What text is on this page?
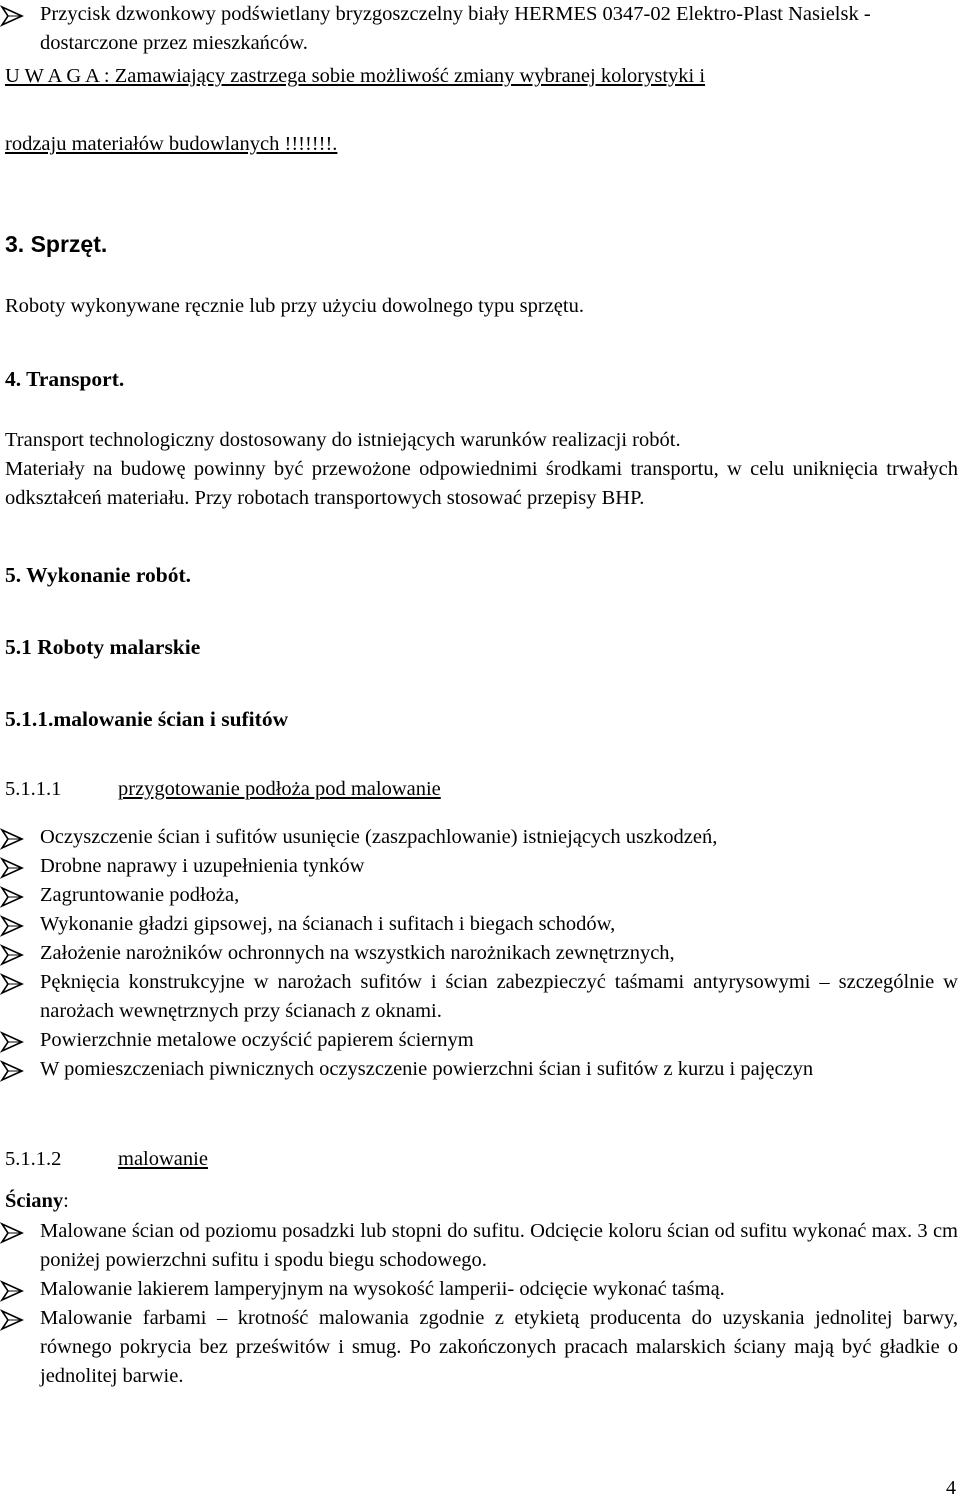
Przycisk dzwonkowy podświetlany bryzgoszczelny biały HERMES 0347-02 Elektro-Plast Nasielsk - dostarczone przez mieszkańców.

U W A G A : Zamawiający zastrzega sobie możliwość zmiany wybranej kolorystyki i

rodzaju materiałów budowlanych !!!!!!!.

3. Sprzęt.

Roboty wykonywane ręcznie lub przy użyciu dowolnego typu sprzętu.

4. Transport.

Transport technologiczny dostosowany do istniejących warunków realizacji robót.

Materiały na budowę powinny być przewożone odpowiednimi środkami transportu, w celu uniknięcia trwałych odkształceń materiału. Przy robotach transportowych stosować przepisy BHP.

5. Wykonanie robót.

5.1 Roboty malarskie

5.1.1.malowanie ścian i sufitów

5.1.1.1	przygotowanie podłoża pod malowanie

Oczyszczenie ścian i sufitów usunięcie (zaszpachlowanie) istniejących uszkodzeń,

Drobne naprawy i uzupełnienia tynków

Zagruntowanie podłoża,

Wykonanie gładzi gipsowej, na ścianach i sufitach i biegach schodów,

Założenie narożników ochronnych na wszystkich narożnikach zewnętrznych,

Pęknięcia konstrukcyjne w narożach sufitów i ścian zabezpieczyć taśmami antyrysowymi – szczególnie w narożach wewnętrznych przy ścianach z oknami.

Powierzchnie metalowe oczyścić papierem ściernym

W pomieszczeniach piwnicznych oczyszczenie powierzchni ścian i sufitów z kurzu i pajęczyn

5.1.1.2	malowanie

Ściany:

Malowane ścian od poziomu posadzki lub stopni do sufitu. Odcięcie koloru ścian od sufitu wykonać max. 3 cm poniżej powierzchni sufitu i spodu biegu schodowego.

Malowanie lakierem lamperyjnym na wysokość lamperii- odcięcie wykonać taśmą.

Malowanie farbami – krotność malowania zgodnie z etykietą producenta do uzyskania jednolitej barwy, równego pokrycia bez prześwitów i smug. Po zakończonych pracach malarskich ściany mają być gładkie o jednolitej barwie.

4
